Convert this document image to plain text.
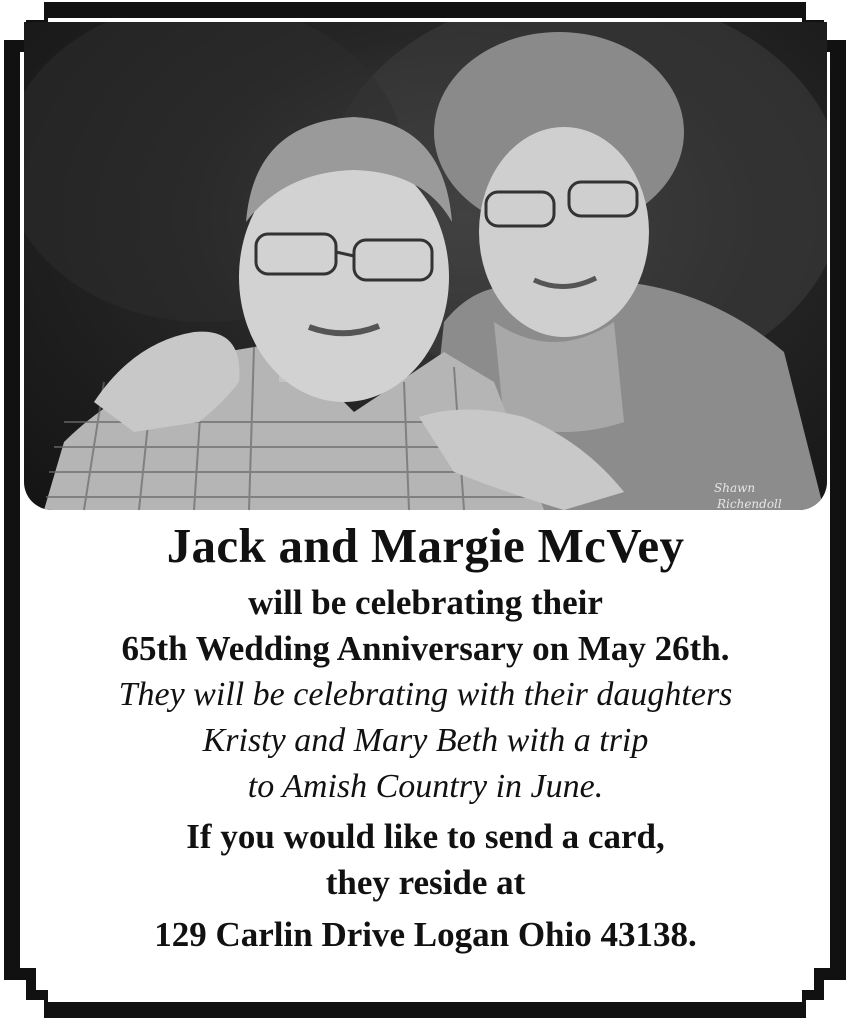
Shawn
Richendoll

Jack and Margie McVey

will be celebrating their

65th Wedding Anniversary on May 26th.

They will be celebrating with their daughters

Kristy and Mary Beth with a trip

to Amish Country in June.

If you would like to send a card,

they reside at

129 Carlin Drive Logan Ohio 43138.
